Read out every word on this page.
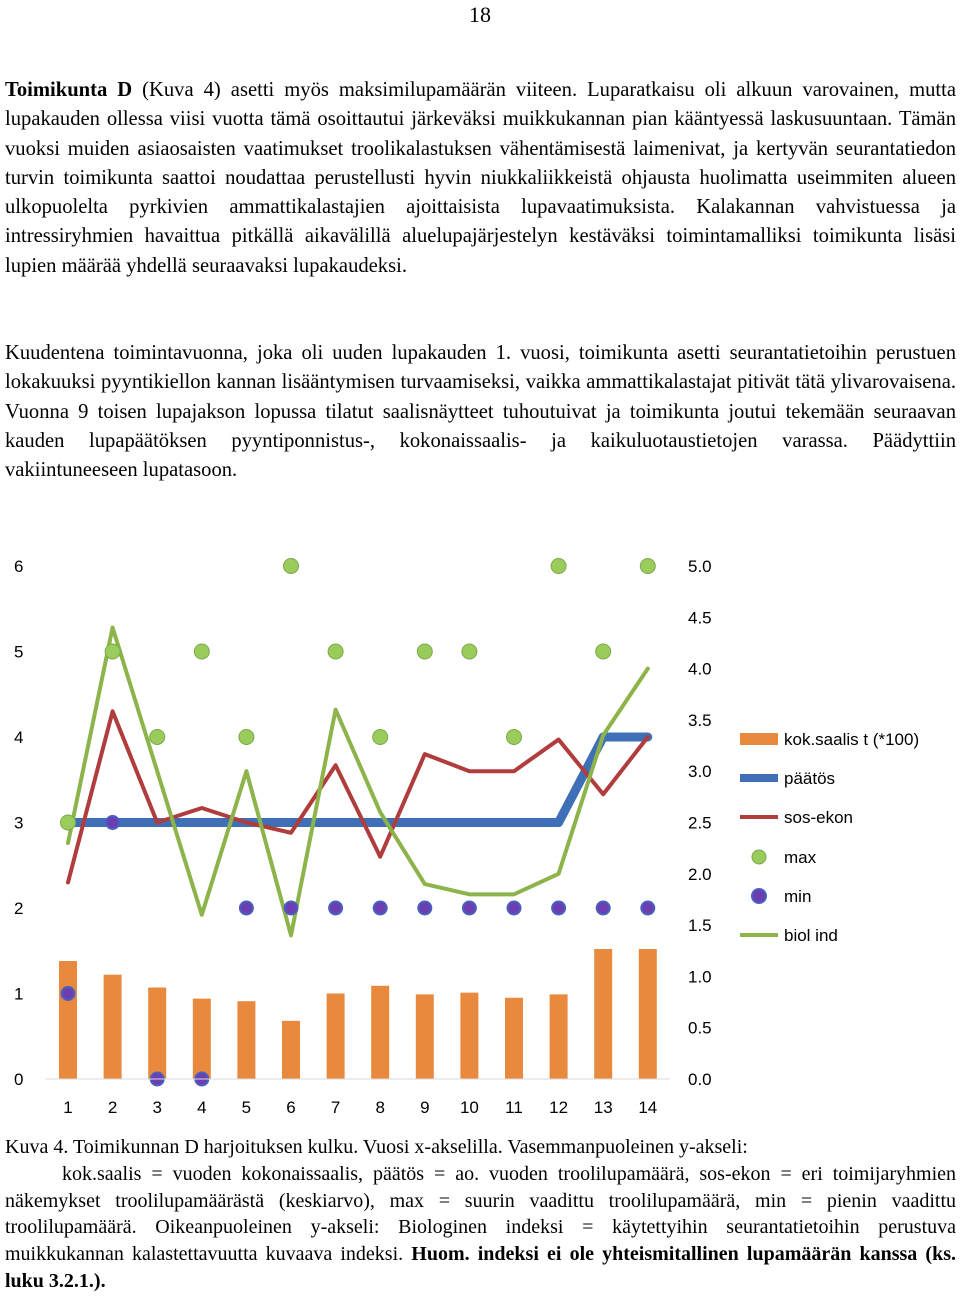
18

Toimikunta D (Kuva 4) asetti myös maksimilupamäärän viiteen. Luparatkaisu oli alkuun varovainen, mutta lupakauden ollessa viisi vuotta tämä osoittautui järkeväksi muikkukannan pian kääntyessä laskusuuntaan. Tämän vuoksi muiden asiaosaisten vaatimukset troolikalastuksen vähentämisestä laimenivat, ja kertyvän seurantatiedon turvin toimikunta saattoi noudattaa perustellusti hyvin niukkaliikkeistä ohjausta huolimatta useimmiten alueen ulkopuolelta pyrkivien ammattikalastajien ajoittaisista lupavaatimuksista. Kalakannan vahvistuessa ja intressiryhmien havaittua pitkällä aikavälillä aluelupajärjestelyn kestäväksi toimintamalliksi toimikunta lisäsi lupien määrää yhdellä seuraavaksi lupakaudeksi.

Kuudentena toimintavuonna, joka oli uuden lupakauden 1. vuosi, toimikunta asetti seurantatietoihin perustuen lokakuuksi pyyntikiellon kannan lisääntymisen turvaamiseksi, vaikka ammattikalastajat pitivät tätä ylivarovaisena. Vuonna 9 toisen lupajakson lopussa tilatut saalisnäytteet tuhoutuivat ja toimikunta joutui tekemään seuraavan kauden lupapäätöksen pyyntiponnistus-, kokonaissaalis- ja kaikuluotaustietojen varassa. Päädyttiin vakiintuneeseen lupatasoon.

0
1
2
3
4
5
6
0.0
0.5
1.0
1.5
2.0
2.5
3.0
3.5
4.0
4.5
5.0
1 2 3 4 5 6 7 8 9 10 11 12 13 14
kok.saalis t (*100)
päätös
sos-ekon
max
min
biol ind

Kuva 4. Toimikunnan D harjoituksen kulku. Vuosi x-akselilla. Vasemmanpuoleinen y-akseli:
kok.saalis = vuoden kokonaissaalis, päätös = ao. vuoden troolilupamäärä, sos-ekon = eri toimijaryhmien näkemykset troolilupamäärästä (keskiarvo), max = suurin vaadittu troolilupamäärä, min = pienin vaadittu troolilupamäärä. Oikeanpuoleinen y-akseli: Biologinen indeksi = käytettyihin seurantatietoihin perustuva muikkukannan kalastettavuutta kuvaava indeksi. Huom. indeksi ei ole yhteismitallinen lupamäärän kanssa (ks. luku 3.2.1.).
